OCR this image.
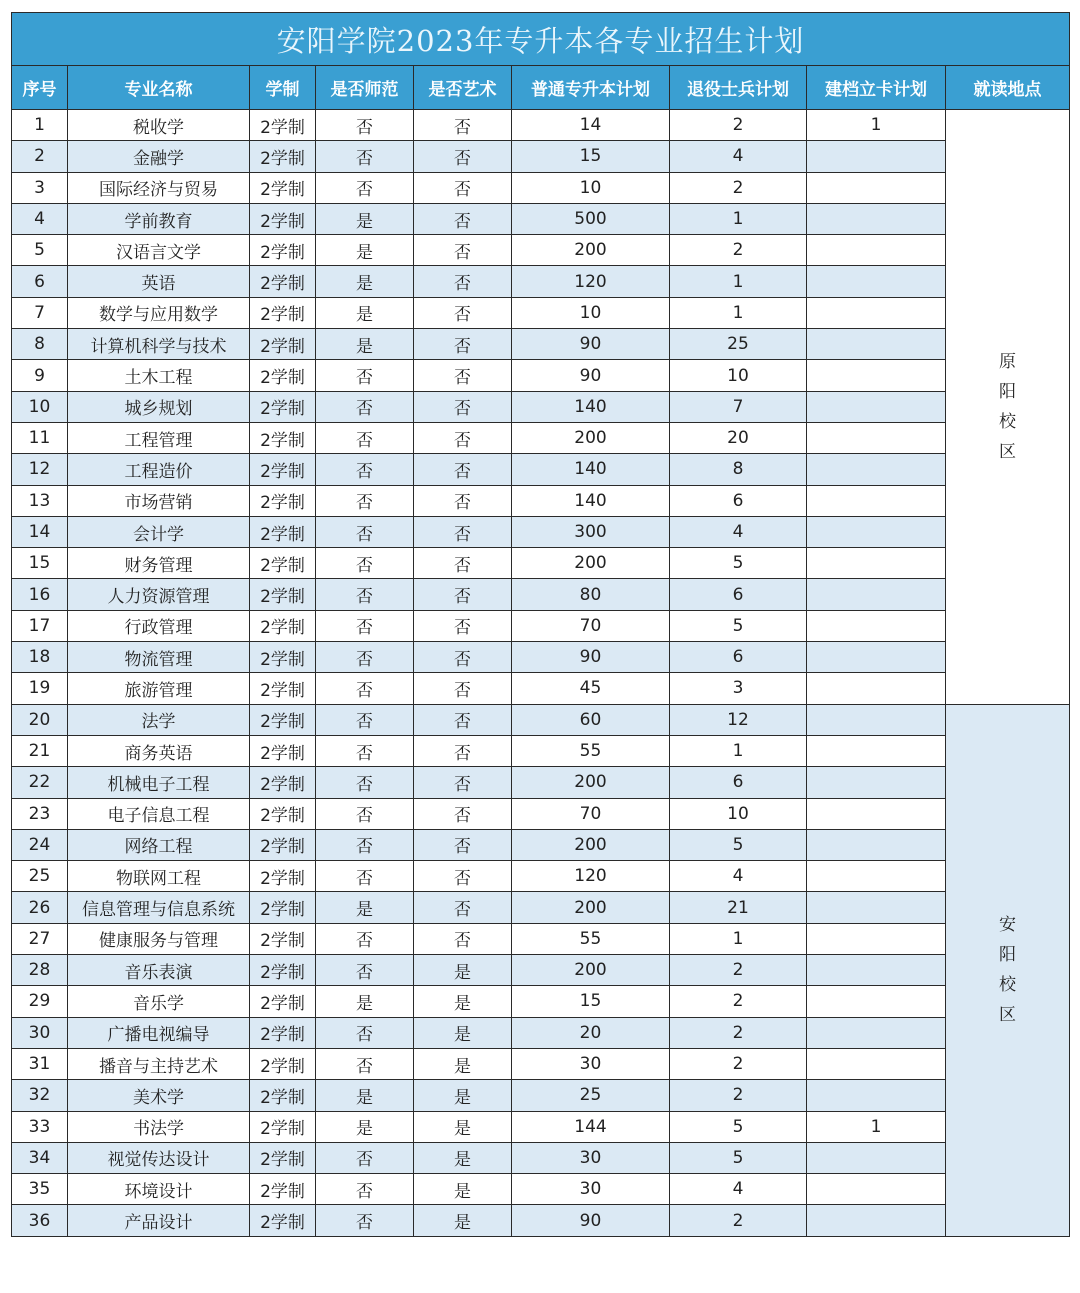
安阳学院2023年专升本各专业招生计划								
序号	专业名称	学制	是否师范	是否艺术	普通专升本计划	退役士兵计划	建档立卡计划	就读地点
1	税收学	2学制	否	否	14	2	1	原阳校区
2	金融学	2学制	否	否	15	4		
3	国际经济与贸易	2学制	否	否	10	2		
4	学前教育	2学制	是	否	500	1		
5	汉语言文学	2学制	是	否	200	2		
6	英语	2学制	是	否	120	1		
7	数学与应用数学	2学制	是	否	10	1		
8	计算机科学与技术	2学制	是	否	90	25		
9	土木工程	2学制	否	否	90	10		
10	城乡规划	2学制	否	否	140	7		
11	工程管理	2学制	否	否	200	20		
12	工程造价	2学制	否	否	140	8		
13	市场营销	2学制	否	否	140	6		
14	会计学	2学制	否	否	300	4		
15	财务管理	2学制	否	否	200	5		
16	人力资源管理	2学制	否	否	80	6		
17	行政管理	2学制	否	否	70	5		
18	物流管理	2学制	否	否	90	6		
19	旅游管理	2学制	否	否	45	3		
20	法学	2学制	否	否	60	12		安阳校区
21	商务英语	2学制	否	否	55	1		
22	机械电子工程	2学制	否	否	200	6		
23	电子信息工程	2学制	否	否	70	10		
24	网络工程	2学制	否	否	200	5		
25	物联网工程	2学制	否	否	120	4		
26	信息管理与信息系统	2学制	是	否	200	21		
27	健康服务与管理	2学制	否	否	55	1		
28	音乐表演	2学制	否	是	200	2		
29	音乐学	2学制	是	是	15	2		
30	广播电视编导	2学制	否	是	20	2		
31	播音与主持艺术	2学制	否	是	30	2		
32	美术学	2学制	是	是	25	2		
33	书法学	2学制	是	是	144	5	1	
34	视觉传达设计	2学制	否	是	30	5		
35	环境设计	2学制	否	是	30	4		
36	产品设计	2学制	否	是	90	2		
